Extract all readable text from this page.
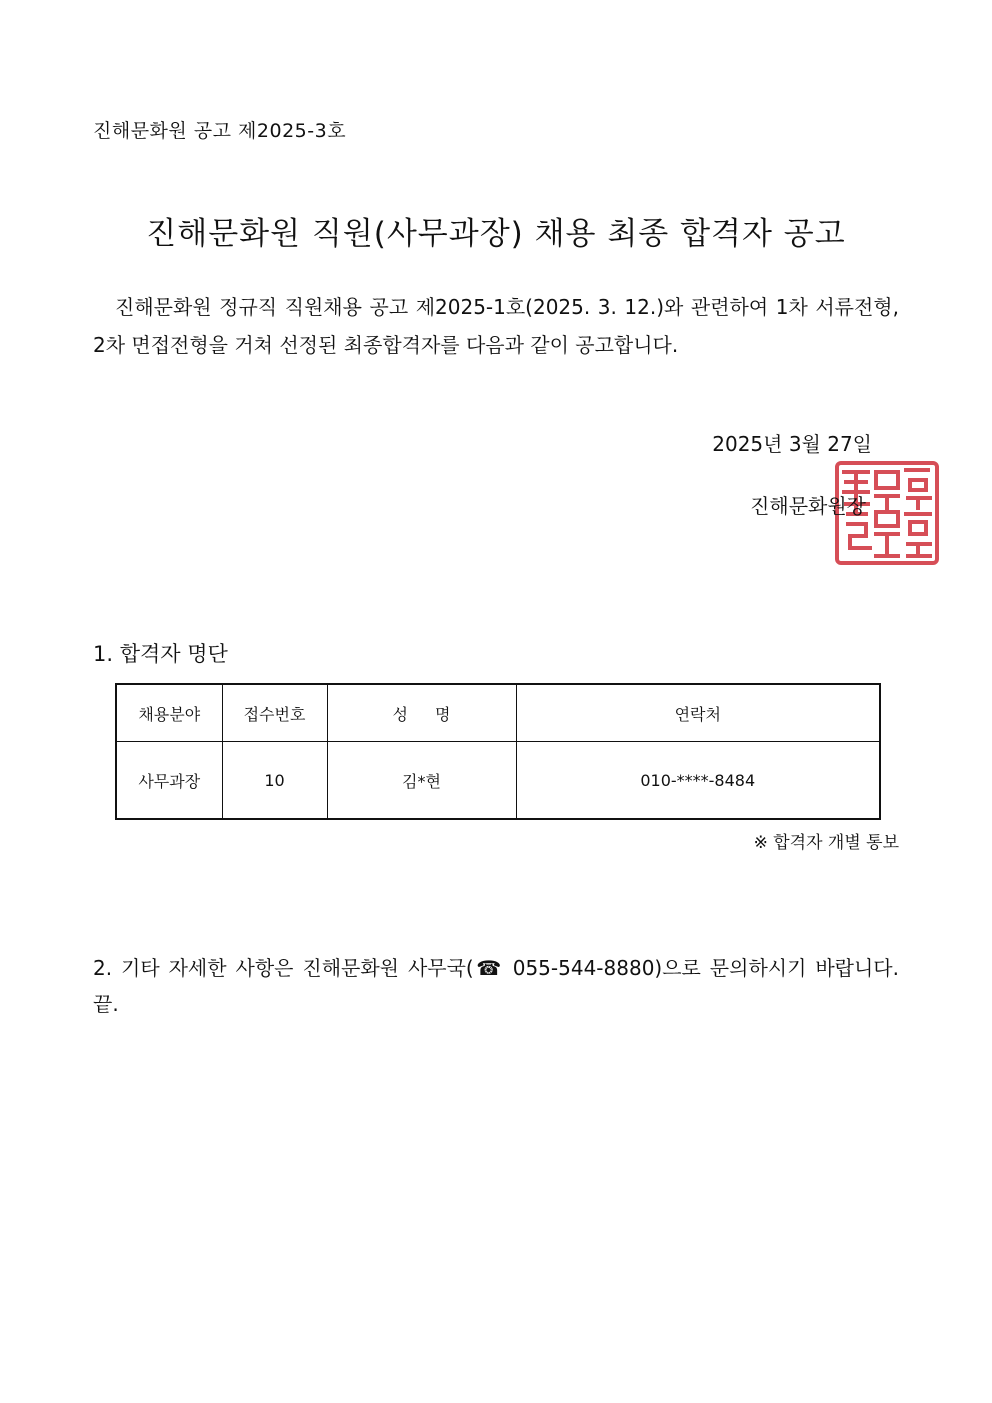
진해문화원 공고 제2025-3호
진해문화원 직원(사무과장) 채용 최종 합격자 공고
진해문화원 정규직 직원채용 공고 제2025-1호(2025. 3. 12.)와 관련하여 1차 서류전형, 2차 면접전형을 거쳐 선정된 최종합격자를 다음과 같이 공고합니다.
2025년 3월 27일
진해문화원장
1. 합격자 명단
채용분야	접수번호	성 명	연락처
사무과장	10	김*현	010-****-8484
※ 합격자 개별 통보
2. 기타 자세한 사항은 진해문화원 사무국(☎ 055-544-8880)으로 문의하시기 바랍니다. 끝.
